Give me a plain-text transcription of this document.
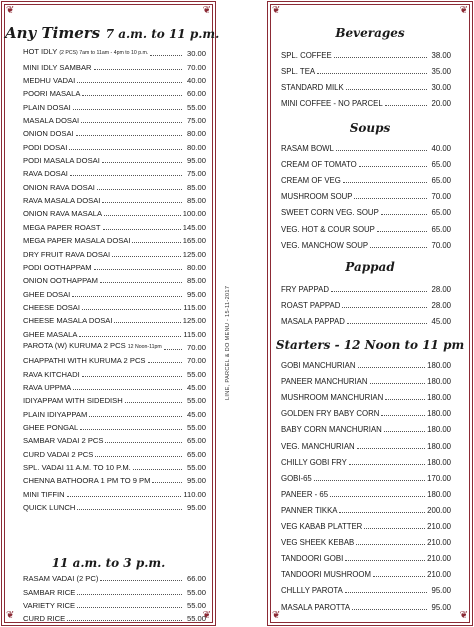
❦	❦
❦	❦
Any Timers 7 a.m. to 11 p.m.
HOT IDLY (2 PCS) 7am to 11am - 4pm to 10 p.m.	30.00
MINI IDLY SAMBAR	70.00
MEDHU VADAI	40.00
POORI MASALA	60.00
PLAIN DOSAI	55.00
MASALA DOSAI	75.00
ONION DOSAI	80.00
PODI DOSAI	80.00
PODI MASALA DOSAI	95.00
RAVA DOSAI	75.00
ONION RAVA DOSAI	85.00
RAVA MASALA DOSAI	85.00
ONION RAVA MASALA	100.00
MEGA PAPER ROAST	145.00
MEGA PAPER MASALA DOSAI	165.00
DRY FRUIT RAVA DOSAI	125.00
PODI OOTHAPPAM	80.00
ONION OOTHAPPAM	85.00
GHEE DOSAI	95.00
CHEESE DOSAI	115.00
CHEESE MASALA DOSAI	125.00
GHEE MASALA	115.00
PAROTA (W) KURUMA 2 PCS 12 Noon-11pm	70.00
CHAPPATHI WITH KURUMA 2 PCS	70.00
RAVA KITCHADI	55.00
RAVA UPPMA	45.00
IDIYAPPAM WITH SIDEDISH	55.00
PLAIN IDIYAPPAM	45.00
GHEE PONGAL	55.00
SAMBAR VADAI 2 PCS	65.00
CURD VADAI 2 PCS	65.00
SPL. VADAI 11 A.M. TO 10 P.M.	55.00
CHENNA BATHOORA 1 PM TO 9 PM	95.00
MINI TIFFIN	110.00
QUICK LUNCH	95.00
11 a.m. to 3 p.m.
RASAM VADAI (2 PC)	66.00
SAMBAR RICE	55.00
VARIETY RICE	55.00
CURD RICE	55.00
LINE, PARCEL & DO MENU - 15-11-2017
❦	❦
❦	❦
Beverages
SPL. COFFEE	38.00
SPL. TEA	35.00
STANDARD MILK	30.00
MINI COFFEE - NO PARCEL	20.00
Soups
RASAM BOWL	40.00
CREAM OF TOMATO	65.00
CREAM OF VEG	65.00
MUSHROOM SOUP	70.00
SWEET CORN VEG. SOUP	65.00
VEG. HOT & COUR SOUP	65.00
VEG. MANCHOW SOUP	70.00
Pappad
FRY PAPPAD	28.00
ROAST PAPPAD	28.00
MASALA PAPPAD	45.00
Starters - 12 Noon to 11 pm
GOBI MANCHURIAN	180.00
PANEER MANCHURIAN	180.00
MUSHROOM MANCHURIAN	180.00
GOLDEN FRY BABY CORN	180.00
BABY CORN MANCHURIAN	180.00
VEG. MANCHURIAN	180.00
CHILLY GOBI FRY	180.00
GOBI-65	170.00
PANEER - 65	180.00
PANNER TIKKA	200.00
VEG KABAB PLATTER	210.00
VEG SHEEK KEBAB	210.00
TANDOORI GOBI	210.00
TANDOORI MUSHROOM	210.00
CHLLLY PAROTA	95.00
MASALA PAROTTA	95.00
